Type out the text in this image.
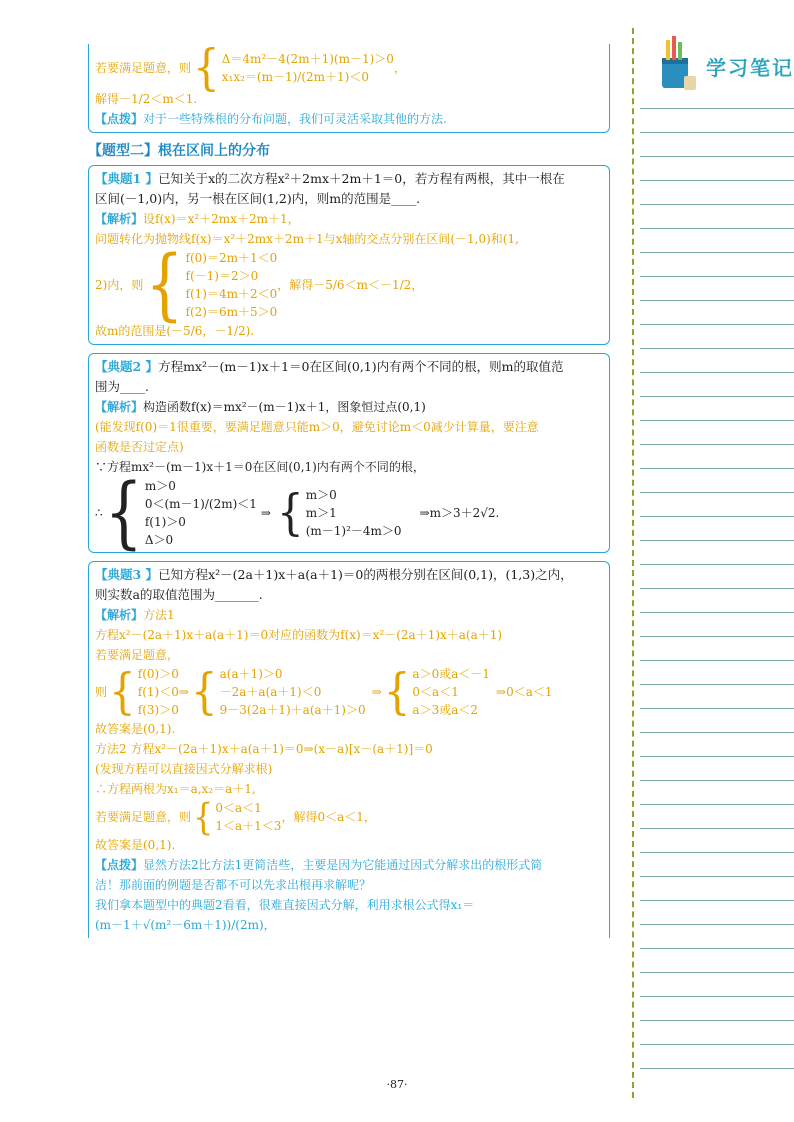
学习笔记
若要满足题意，则 { Δ＝4m²－4(2m＋1)(m－1)＞0
x₁x₂＝(m－1)/(2m＋1)＜0
，
解得－1/2＜m＜1.
【点拨】对于一些特殊根的分布问题，我们可灵活采取其他的方法.
【题型二】根在区间上的分布
【典题1 】已知关于x的二次方程x²＋2mx＋2m＋1＝0，若方程有两根，其中一根在
区间(－1,0)内，另一根在区间(1,2)内，则m的范围是____.
【解析】设f(x)＝x²＋2mx＋2m＋1，
问题转化为抛物线f(x)＝x²＋2mx＋2m＋1与x轴的交点分别在区间(－1,0)和(1,
2)内，则 { f(0)＝2m＋1＜0
f(－1)＝2＞0
f(1)＝4m＋2＜0
f(2)＝6m＋5＞0
，解得－5/6＜m＜－1/2，
故m的范围是(－5/6，－1/2).
【典题2 】方程mx²－(m－1)x＋1＝0在区间(0,1)内有两个不同的根，则m的取值范
围为____.
【解析】构造函数f(x)＝mx²－(m－1)x＋1，图象恒过点(0,1)
(能发现f(0)＝1很重要，要满足题意只能m＞0，避免讨论m＜0减少计算量，要注意
函数是否过定点)
∵方程mx²－(m－1)x＋1＝0在区间(0,1)内有两个不同的根，
∴ { m＞0
0＜(m－1)/(2m)＜1
f(1)＞0
Δ＞0
⇒ { m＞0
m＞1
(m－1)²－4m＞0
⇒m＞3＋2√2.
【典题3 】已知方程x²－(2a＋1)x＋a(a＋1)＝0的两根分别在区间(0,1)，(1,3)之内，
则实数a的取值范围为_______.
【解析】方法1
方程x²－(2a＋1)x＋a(a＋1)＝0对应的函数为f(x)＝x²－(2a＋1)x＋a(a＋1)
若要满足题意，
则 { f(0)＞0
f(1)＜0
f(3)＞0
⇒ { a(a＋1)＞0
－2a＋a(a＋1)＜0
9－3(2a＋1)＋a(a＋1)＞0
⇒ { a＞0或a＜－1
0＜a＜1
a＞3或a＜2
⇒0＜a＜1
故答案是(0,1).
方法2 方程x²－(2a＋1)x＋a(a＋1)＝0⇒(x－a)[x－(a＋1)]＝0
(发现方程可以直接因式分解求根)
∴方程两根为x₁＝a,x₂＝a＋1,
若要满足题意，则 { 0＜a＜1
1＜a＋1＜3
，解得0＜a＜1，
故答案是(0,1).
【点拨】显然方法2比方法1更简洁些，主要是因为它能通过因式分解求出的根形式简
洁！那前面的例题是否都不可以先求出根再求解呢？
我们拿本题型中的典题2看看，很难直接因式分解，利用求根公式得x₁＝
(m－1＋√(m²－6m＋1))/(2m)，
·87·
